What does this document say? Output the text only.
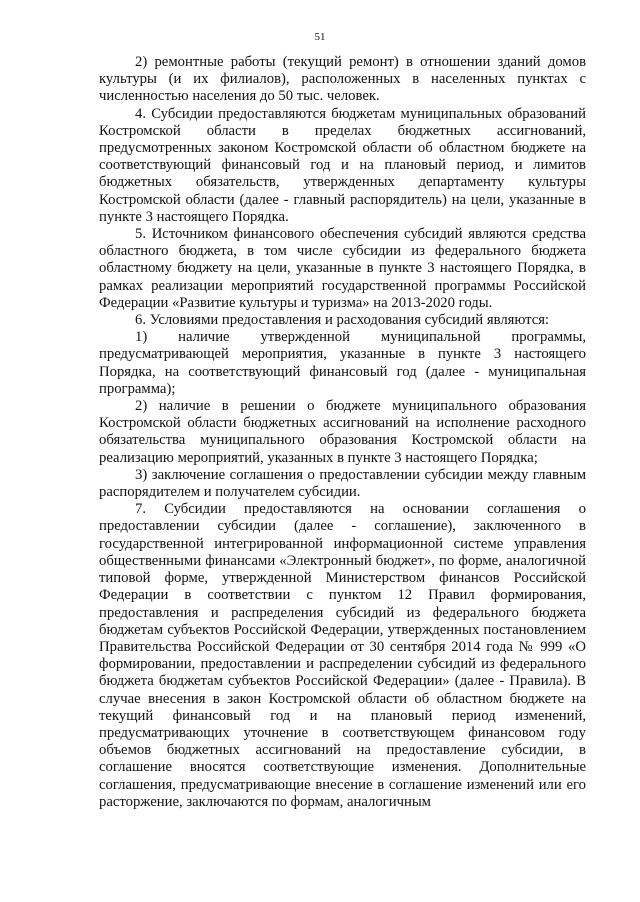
51

2) ремонтные работы (текущий ремонт) в отношении зданий домов культуры (и их филиалов), расположенных в населенных пунктах с численностью населения до 50 тыс. человек.

4. Субсидии предоставляются бюджетам муниципальных образований Костромской области в пределах бюджетных ассигнований, предусмотренных законом Костромской области об областном бюджете на соответствующий финансовый год и на плановый период, и лимитов бюджетных обязательств, утвержденных департаменту культуры Костромской области (далее - главный распорядитель) на цели, указанные в пункте 3 настоящего Порядка.

5. Источником финансового обеспечения субсидий являются средства областного бюджета, в том числе субсидии из федерального бюджета областному бюджету на цели, указанные в пункте 3 настоящего Порядка, в рамках реализации мероприятий государственной программы Российской Федерации «Развитие культуры и туризма» на 2013-2020 годы.

6. Условиями предоставления и расходования субсидий являются:

1) наличие утвержденной муниципальной программы, предусматривающей мероприятия, указанные в пункте 3 настоящего Порядка, на соответствующий финансовый год (далее - муниципальная программа);

2) наличие в решении о бюджете муниципального образования Костромской области бюджетных ассигнований на исполнение расходного обязательства муниципального образования Костромской области на реализацию мероприятий, указанных в пункте 3 настоящего Порядка;

3) заключение соглашения о предоставлении субсидии между главным распорядителем и получателем субсидии.

7. Субсидии предоставляются на основании соглашения о предоставлении субсидии (далее - соглашение), заключенного в государственной интегрированной информационной системе управления общественными финансами «Электронный бюджет», по форме, аналогичной типовой форме, утвержденной Министерством финансов Российской Федерации в соответствии с пунктом 12 Правил формирования, предоставления и распределения субсидий из федерального бюджета бюджетам субъектов Российской Федерации, утвержденных постановлением Правительства Российской Федерации от 30 сентября 2014 года № 999 «О формировании, предоставлении и распределении субсидий из федерального бюджета бюджетам субъектов Российской Федерации» (далее - Правила). В случае внесения в закон Костромской области об областном бюджете на текущий финансовый год и на плановый период изменений, предусматривающих уточнение в соответствующем финансовом году объемов бюджетных ассигнований на предоставление субсидии, в соглашение вносятся соответствующие изменения. Дополнительные соглашения, предусматривающие внесение в соглашение изменений или его расторжение, заключаются по формам, аналогичным
